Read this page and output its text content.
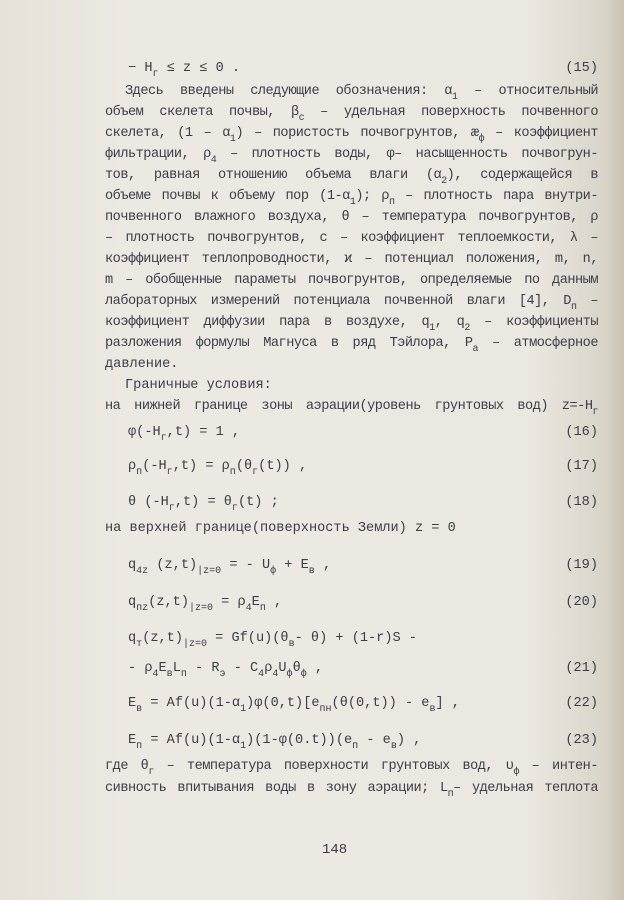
− $H_г \le z \le 0$ .	(15)
Здесь введены следующие обозначения: $\alpha_1$ – относительный
объем скелета почвы, $\beta_c$ – удельная поверхность почвенного
скелета, $(1 - \alpha_1)$ – пористость почвогрунтов, $æ_ф$ – коэффициент
фильтрации, $\rho_4$ – плотность воды, φ– насыщенность почвогрун-
тов, равная отношению объема влаги $(\alpha_2)$, содержащейся в
объеме почвы к объему пор $(1-\alpha_1)$; $\rho_п$ – плотность пара внутри-
почвенного влажного воздуха, θ – температура почвогрунтов, ρ
– плотность почвогрунтов, c – коэффициент теплоемкости, λ –
коэффициент теплопроводности, ϰ – потенциал положения, m, n,
m – обобщенные параметы почвогрунтов, определяемые по данным
лабораторных измерений потенциала почвенной влаги [4], $D_п$ –
коэффициент диффузии пара в воздухе, $q_1$, $q_2$ – коэффициенты
разложения формулы Магнуса в ряд Тэйлора, $P_а$ – атмосферное
давление.
Граничные условия:
на нижней границе зоны аэрации(уровень грунтовых вод) $z=-H_г$
$\varphi(-H_г,t) = 1$ ,	(16)
$\rho_п(-H_г,t) = \rho_п(\theta_г(t))$ ,	(17)
θ $(-H_г,t) = \theta_г(t)$ ;	(18)
на верхней границе(поверхность Земли) z = 0
$q_{4z}$ $(z,t)_{|z=0}$ = - $U_ф + E_в$ ,	(19)
$q_{пz}(z,t)_{|z=0} = \rho_4E_п$ ,	(20)
$q_т(z,t)_{|z=0} = Gf(u)(\theta_в-$ θ) + (1-r)S -
- $\rho_4E_вL_п - R_э - C_4\rho_4U_ф\theta_ф$ ,	(21)
$E_в = Af(u)(1-\alpha_1)\varphi(0,t)[e_{пн}(\theta(0,t)) - e_в]$ ,	(22)
$E_п = Af(u)(1-\alpha_1)(1-\varphi(0.t))(e_п - e_в)$ ,	(23)
где $\theta_г$ – температура поверхности грунтовых вод, $\upsilon_ф$ – интен-
сивность впитывания воды в зону аэрации; $L_п-$ удельная теплота
148
